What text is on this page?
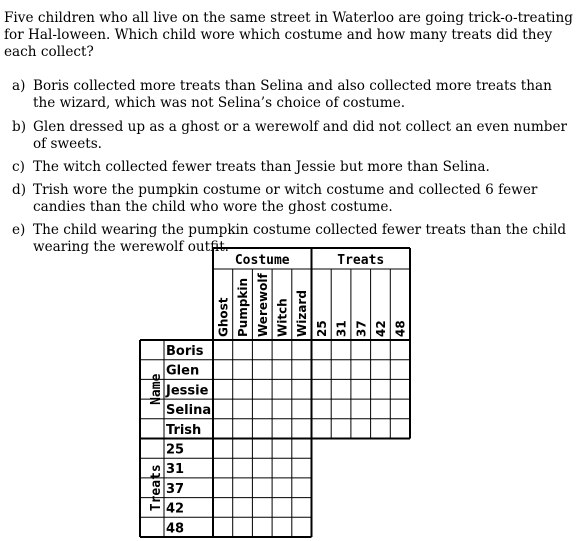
Five children who all live on the same street in Waterloo are going trick-o-treating for Hal-loween. Which child wore which costume and how many treats did they each collect?

a) Boris collected more treats than Selina and also collected more treats than the wizard, which was not Selina’s choice of costume.
b) Glen dressed up as a ghost or a werewolf and did not collect an even number of sweets.
c) The witch collected fewer treats than Jessie but more than Selina.
d) Trish wore the pumpkin costume or witch costume and collected 6 fewer candies than the child who wore the ghost costume.
e) The child wearing the pumpkin costume collected fewer treats than the child wearing the werewolf outfit.
Costume	Treats
Ghost Pumpkin Werewolf Witch Wizard 25 31 37 42 48
Boris
Glen
Jessie
Selina
Trish
25
31
37
42
48
Name
Treats
